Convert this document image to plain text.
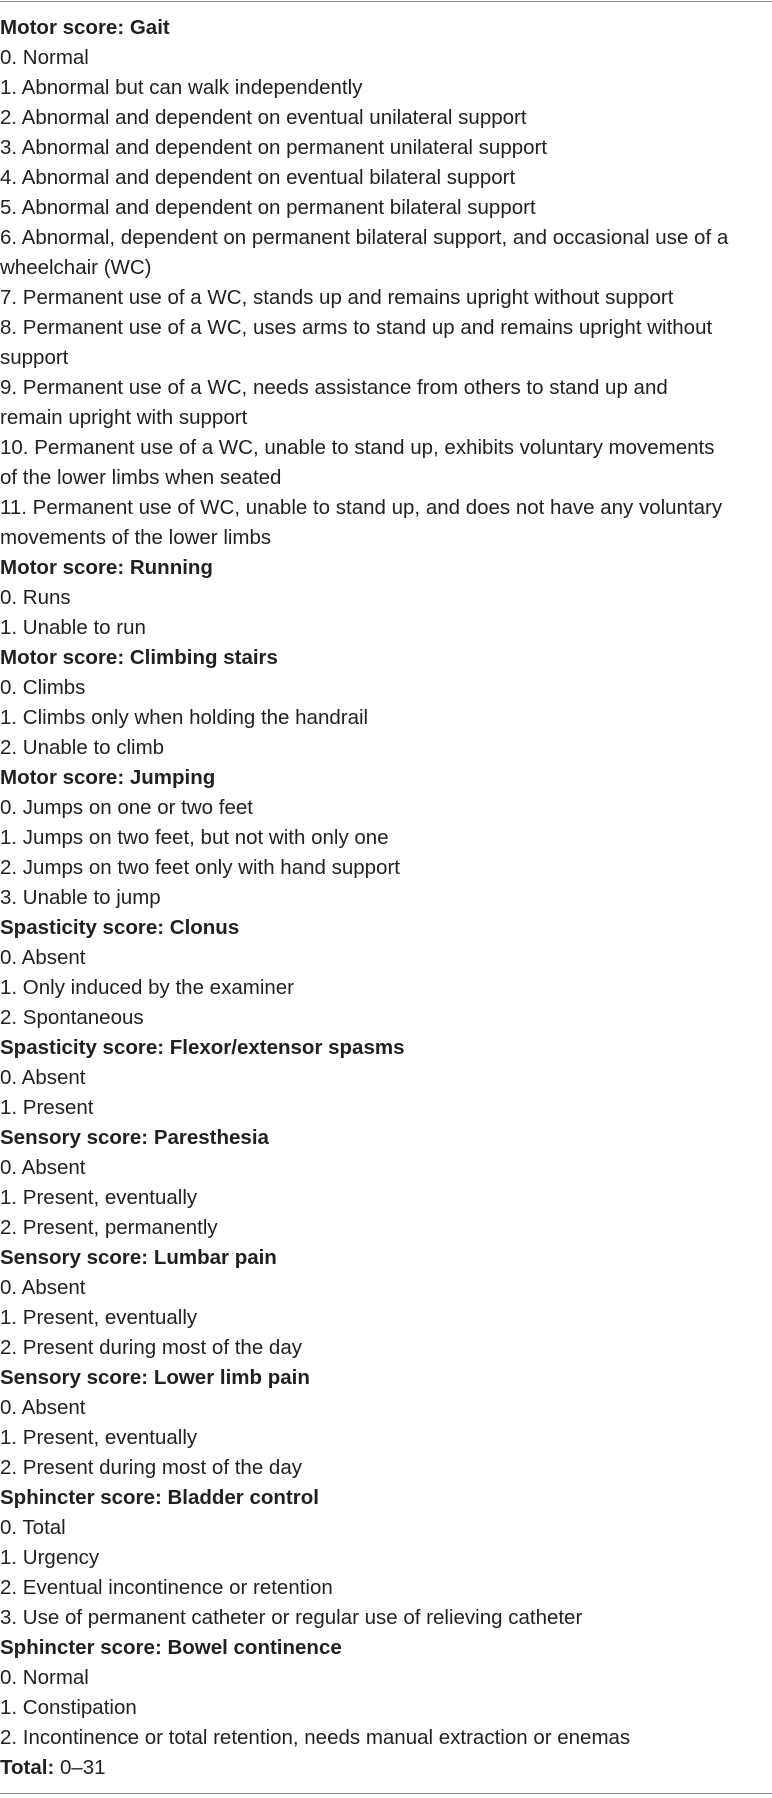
Motor score: Gait

0. Normal

1. Abnormal but can walk independently

2. Abnormal and dependent on eventual unilateral support

3. Abnormal and dependent on permanent unilateral support

4. Abnormal and dependent on eventual bilateral support

5. Abnormal and dependent on permanent bilateral support

6. Abnormal, dependent on permanent bilateral support, and occasional use of a

wheelchair (WC)

7. Permanent use of a WC, stands up and remains upright without support

8. Permanent use of a WC, uses arms to stand up and remains upright without

support

9. Permanent use of a WC, needs assistance from others to stand up and

remain upright with support

10. Permanent use of a WC, unable to stand up, exhibits voluntary movements

of the lower limbs when seated

11. Permanent use of WC, unable to stand up, and does not have any voluntary

movements of the lower limbs

Motor score: Running

0. Runs

1. Unable to run

Motor score: Climbing stairs

0. Climbs

1. Climbs only when holding the handrail

2. Unable to climb

Motor score: Jumping

0. Jumps on one or two feet

1. Jumps on two feet, but not with only one

2. Jumps on two feet only with hand support

3. Unable to jump

Spasticity score: Clonus

0. Absent

1. Only induced by the examiner

2. Spontaneous

Spasticity score: Flexor/extensor spasms

0. Absent

1. Present

Sensory score: Paresthesia

0. Absent

1. Present, eventually

2. Present, permanently

Sensory score: Lumbar pain

0. Absent

1. Present, eventually

2. Present during most of the day

Sensory score: Lower limb pain

0. Absent

1. Present, eventually

2. Present during most of the day

Sphincter score: Bladder control

0. Total

1. Urgency

2. Eventual incontinence or retention

3. Use of permanent catheter or regular use of relieving catheter

Sphincter score: Bowel continence

0. Normal

1. Constipation

2. Incontinence or total retention, needs manual extraction or enemas

Total: 0–31
